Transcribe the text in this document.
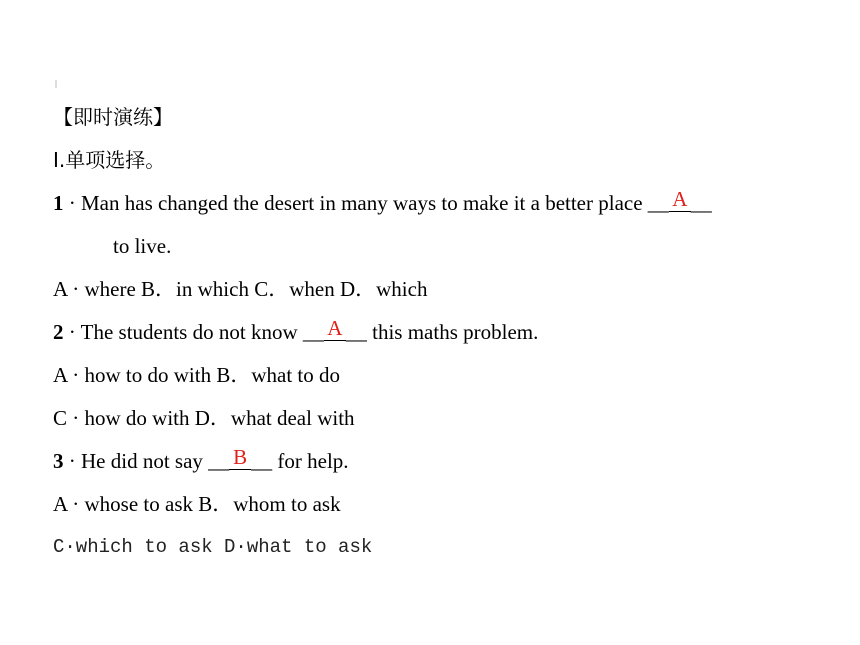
【即时演练】
Ⅰ.单项选择。
1 · Man has changed the desert in many ways to make it a better place __ __
A
to live.
A · where B．in which C．when D．which
2 · The students do not know __ __
A	this maths problem.
A · how to do with B．what to do
C · how do with D．what deal with
3 · He did not say __ __
B	for help.
A · whose to ask B．whom to ask
C·which to ask D·what to ask
